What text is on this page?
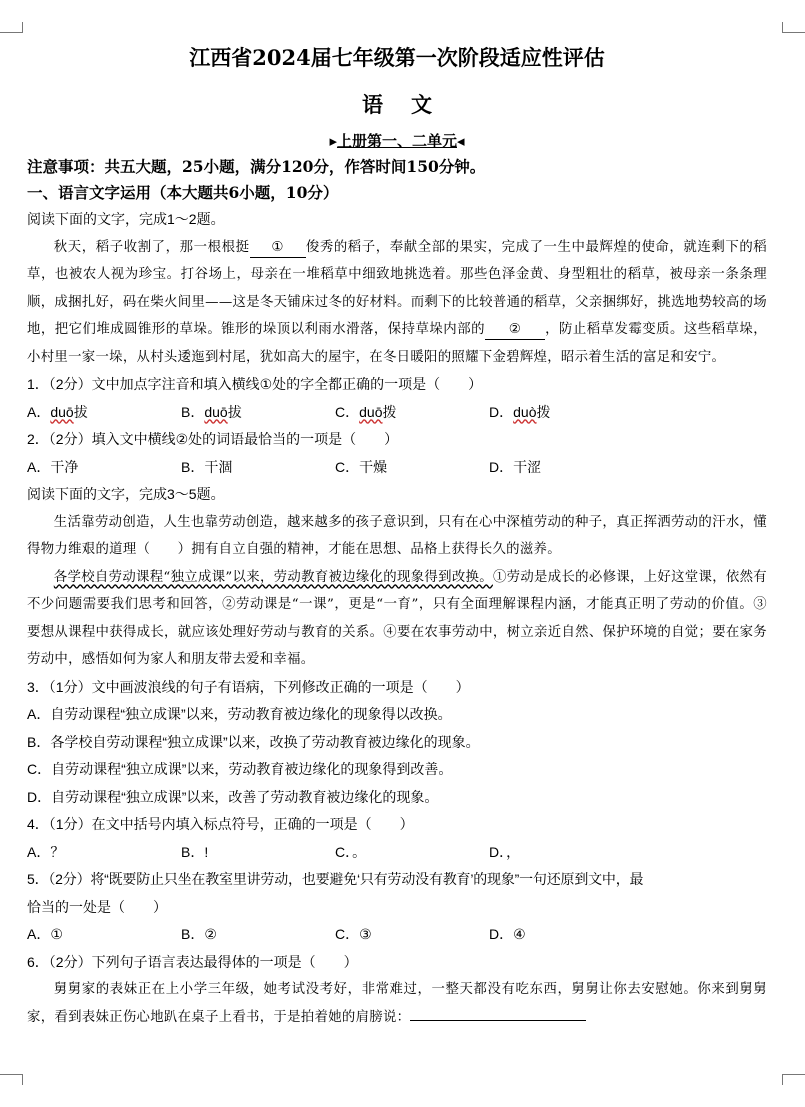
江西省2024届七年级第一次阶段适应性评估
语文
▸上册第一、二单元◂
注意事项：共五大题，25小题，满分120分，作答时间150分钟。
一、语言文字运用（本大题共6小题，10分）
阅读下面的文字，完成1～2题。

秋天，稻子收割了，那一根根挺 ① 俊秀的稻子，奉献全部的果实，完成了一生中最辉煌的使命，就连剩下的稻草，也被农人视为珍宝。打谷场上，母亲在一堆稻草中细致地挑选着。那些色泽金黄、身型粗壮的稻草，被母亲一条条理顺，成捆扎好，码在柴火间里——这是冬天铺床过冬的好材料。而剩下的比较普通的稻草，父亲捆绑好，挑选地势较高的场地，把它们堆成圆锥形的草垛。锥形的垛顶以利雨水滑落，保持草垛内部的 ② ，防止稻草发霉变质。这些稻草垛，小村里一家一垛，从村头逶迤到村尾，犹如高大的屋宇，在冬日暖阳的照耀下金碧辉煌，昭示着生活的富足和安宁。

1．（2分）文中加点字注音和填入横线①处的字全都正确的一项是（　　）
A．duō拔	B．duō拔	C．duō拨	D．duò拨
2．（2分）填入文中横线②处的词语最恰当的一项是（　　）
A．干净	B．干涸	C．干燥	D．干涩
阅读下面的文字，完成3～5题。

生活靠劳动创造，人生也靠劳动创造，越来越多的孩子意识到，只有在心中深植劳动的种子，真正挥洒劳动的汗水，懂得物力维艰的道理（　　）拥有自立自强的精神，才能在思想、品格上获得长久的滋养。

各学校自劳动课程“独立成课”以来，劳动教育被边缘化的现象得到改换。①劳动是成长的必修课，上好这堂课，依然有不少问题需要我们思考和回答，②劳动课是“一课”，更是“一育”，只有全面理解课程内涵，才能真正明了劳动的价值。③要想从课程中获得成长，就应该处理好劳动与教育的关系。④要在农事劳动中，树立亲近自然、保护环境的自觉；要在家务劳动中，感悟如何为家人和朋友带去爱和幸福。

3．（1分）文中画波浪线的句子有语病，下列修改正确的一项是（　　）
A．自劳动课程“独立成课”以来，劳动教育被边缘化的现象得以改换。
B．各学校自劳动课程“独立成课”以来，改换了劳动教育被边缘化的现象。
C．自劳动课程“独立成课”以来，劳动教育被边缘化的现象得到改善。
D．自劳动课程“独立成课”以来，改善了劳动教育被边缘化的现象。
4．（1分）在文中括号内填入标点符号，正确的一项是（　　）
A．？	B．!	C．。	D．，
5．（2分）将“既要防止只坐在教室里讲劳动，也要避免‘只有劳动没有教育’的现象”一句还原到文中，最
恰当的一处是（　　）
A．①	B．②	C．③	D．④
6．（2分）下列句子语言表达最得体的一项是（　　）

舅舅家的表妹正在上小学三年级，她考试没考好，非常难过，一整天都没有吃东西，舅舅让你去安慰她。你来到舅舅家，看到表妹正伤心地趴在桌子上看书，于是拍着她的肩膀说：
